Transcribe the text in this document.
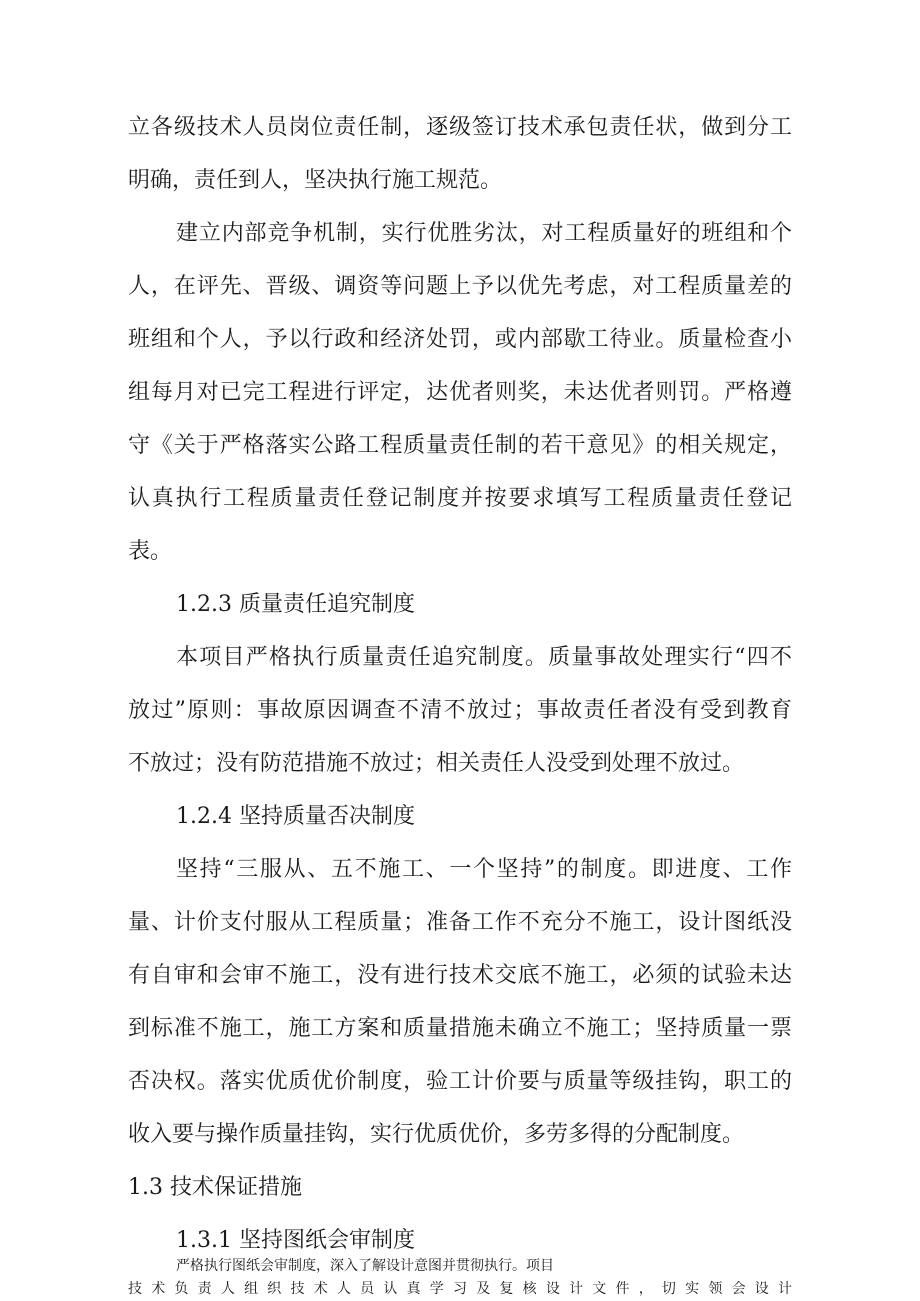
立各级技术人员岗位责任制，逐级签订技术承包责任状，做到分工
明确，责任到人，坚决执行施工规范。
建立内部竞争机制，实行优胜劣汰，对工程质量好的班组和个
人，在评先、晋级、调资等问题上予以优先考虑，对工程质量差的
班组和个人，予以行政和经济处罚，或内部歇工待业。质量检查小
组每月对已完工程进行评定，达优者则奖，未达优者则罚。严格遵
守《关于严格落实公路工程质量责任制的若干意见》的相关规定，
认真执行工程质量责任登记制度并按要求填写工程质量责任登记
表。
1.2.3 质量责任追究制度
本项目严格执行质量责任追究制度。质量事故处理实行“四不
放过”原则：事故原因调查不清不放过；事故责任者没有受到教育
不放过；没有防范措施不放过；相关责任人没受到处理不放过。
1.2.4 坚持质量否决制度
坚持“三服从、五不施工、一个坚持”的制度。即进度、工作
量、计价支付服从工程质量；准备工作不充分不施工，设计图纸没
有自审和会审不施工，没有进行技术交底不施工，必须的试验未达
到标准不施工，施工方案和质量措施未确立不施工；坚持质量一票
否决权。落实优质优价制度，验工计价要与质量等级挂钩，职工的
收入要与操作质量挂钩，实行优质优价，多劳多得的分配制度。
1.3 技术保证措施
1.3.1 坚持图纸会审制度
严格执行图纸会审制度，深入了解设计意图并贯彻执行。项目
技术负责人组织技术人员认真学习及复核设计文件，切实领会设计
